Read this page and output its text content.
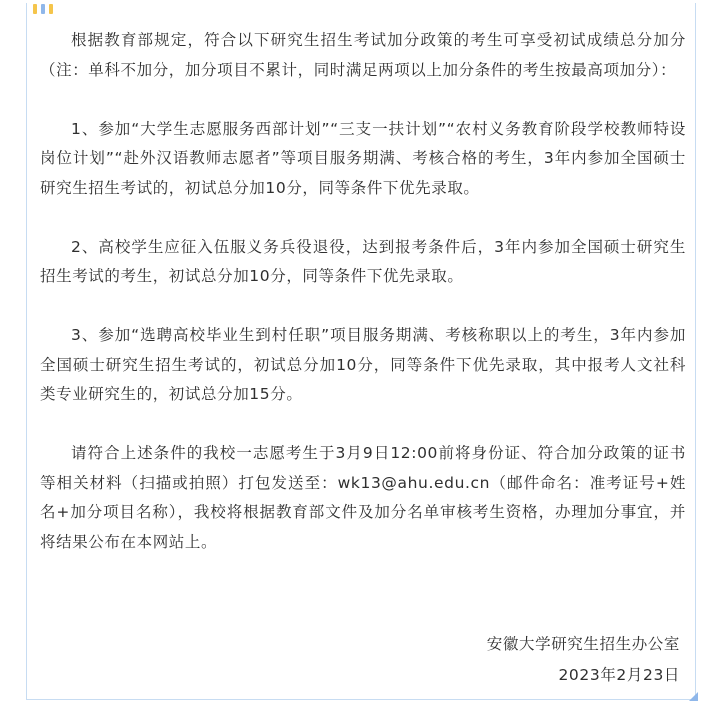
根据教育部规定，符合以下研究生招生考试加分政策的考生可享受初试成绩总分加分（注：单科不加分，加分项目不累计，同时满足两项以上加分条件的考生按最高项加分）：

1、参加“大学生志愿服务西部计划”“三支一扶计划”“农村义务教育阶段学校教师特设岗位计划”“赴外汉语教师志愿者”等项目服务期满、考核合格的考生，3年内参加全国硕士研究生招生考试的，初试总分加10分，同等条件下优先录取。

2、高校学生应征入伍服义务兵役退役，达到报考条件后，3年内参加全国硕士研究生招生考试的考生，初试总分加10分，同等条件下优先录取。

3、参加“选聘高校毕业生到村任职”项目服务期满、考核称职以上的考生，3年内参加全国硕士研究生招生考试的，初试总分加10分，同等条件下优先录取，其中报考人文社科类专业研究生的，初试总分加15分。

请符合上述条件的我校一志愿考生于3月9日12:00前将身份证、符合加分政策的证书等相关材料（扫描或拍照）打包发送至：wk13@ahu.edu.cn（邮件命名：准考证号+姓名+加分项目名称），我校将根据教育部文件及加分名单审核考生资格，办理加分事宜，并将结果公布在本网站上。

安徽大学研究生招生办公室
2023年2月23日
